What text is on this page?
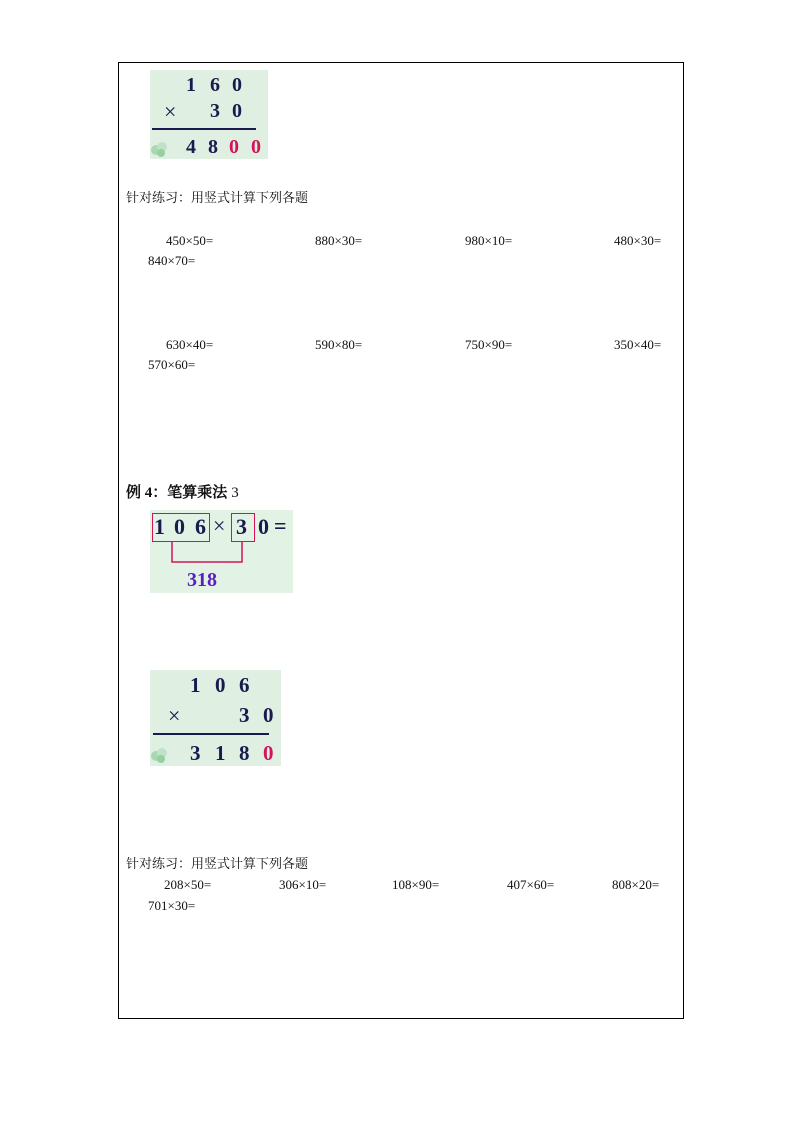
1 6 0
× 3 0
4 8 0 0
针对练习：用竖式计算下列各题
450×50=	880×30=	980×10=	480×30=
840×70=
630×40=	590×80=	750×90=	350×40=
570×60=
例 4：笔算乘法 3
1 0 6 × 3 0 =
318
1 0 6
×	3 0
3 1 8 0
针对练习：用竖式计算下列各题
208×50=	306×10=	108×90=	407×60=	808×20=
701×30=
